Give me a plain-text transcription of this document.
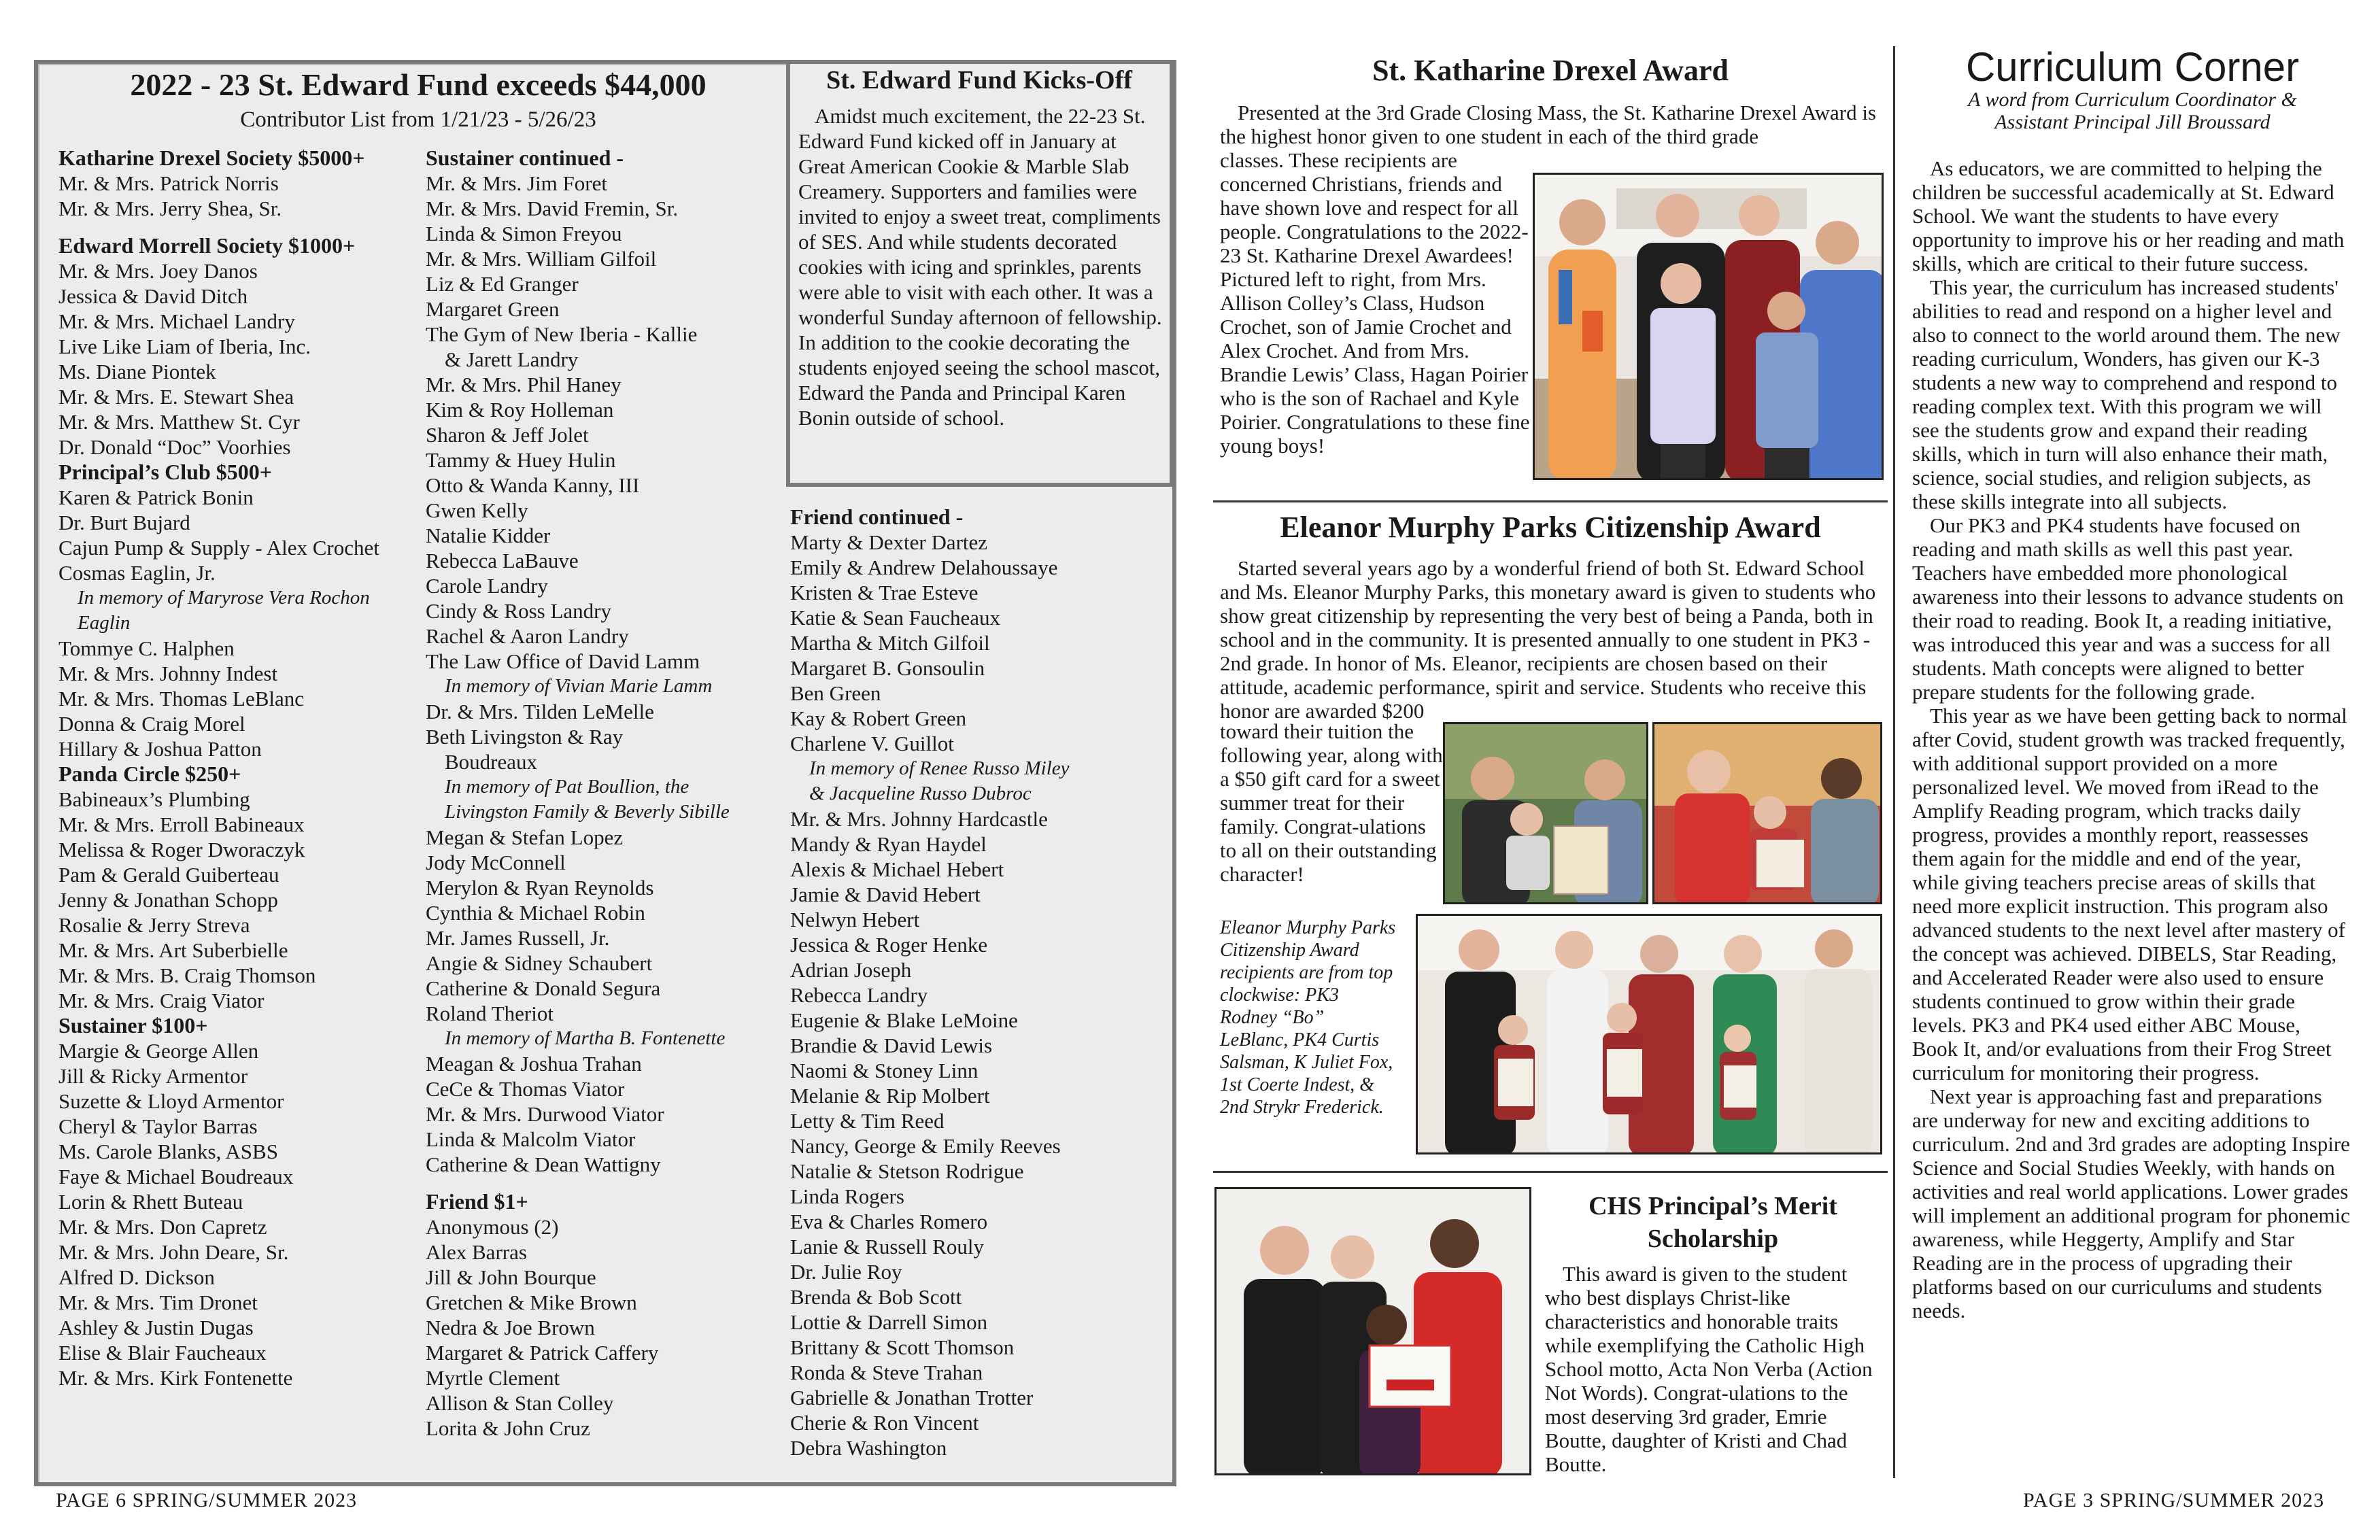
2022 - 23 St. Edward Fund exceeds $44,000
Contributor List from 1/21/23 - 5/26/23
Katharine Drexel Society $5000+
Mr. & Mrs. Patrick Norris
Mr. & Mrs. Jerry Shea, Sr.
Edward Morrell Society $1000+
Mr. & Mrs. Joey Danos
Jessica & David Ditch
Mr. & Mrs. Michael Landry
Live Like Liam of Iberia, Inc.
Ms. Diane Piontek
Mr. & Mrs. E. Stewart Shea
Mr. & Mrs. Matthew St. Cyr
Dr. Donald “Doc” Voorhies
Principal’s Club $500+
Karen & Patrick Bonin
Dr. Burt Bujard
Cajun Pump & Supply - Alex Crochet
Cosmas Eaglin, Jr.
In memory of Maryrose Vera Rochon
Eaglin
Tommye C. Halphen
Mr. & Mrs. Johnny Indest
Mr. & Mrs. Thomas LeBlanc
Donna & Craig Morel
Hillary & Joshua Patton
Panda Circle $250+
Babineaux’s Plumbing
Mr. & Mrs. Erroll Babineaux
Melissa & Roger Dworaczyk
Pam & Gerald Guiberteau
Jenny & Jonathan Schopp
Rosalie & Jerry Streva
Mr. & Mrs. Art Suberbielle
Mr. & Mrs. B. Craig Thomson
Mr. & Mrs. Craig Viator
Sustainer $100+
Margie & George Allen
Jill & Ricky Armentor
Suzette & Lloyd Armentor
Cheryl & Taylor Barras
Ms. Carole Blanks, ASBS
Faye & Michael Boudreaux
Lorin & Rhett Buteau
Mr. & Mrs. Don Capretz
Mr. & Mrs. John Deare, Sr.
Alfred D. Dickson
Mr. & Mrs. Tim Dronet
Ashley & Justin Dugas
Elise & Blair Faucheaux
Mr. & Mrs. Kirk Fontenette
Sustainer continued -
Mr. & Mrs. Jim Foret
Mr. & Mrs. David Fremin, Sr.
Linda & Simon Freyou
Mr. & Mrs. William Gilfoil
Liz & Ed Granger
Margaret Green
The Gym of New Iberia - Kallie
& Jarett Landry
Mr. & Mrs. Phil Haney
Kim & Roy Holleman
Sharon & Jeff Jolet
Tammy & Huey Hulin
Otto & Wanda Kanny, III
Gwen Kelly
Natalie Kidder
Rebecca LaBauve
Carole Landry
Cindy & Ross Landry
Rachel & Aaron Landry
The Law Office of David Lamm
In memory of Vivian Marie Lamm
Dr. & Mrs. Tilden LeMelle
Beth Livingston & Ray
Boudreaux
In memory of Pat Boullion, the
Livingston Family & Beverly Sibille
Megan & Stefan Lopez
Jody McConnell
Merylon & Ryan Reynolds
Cynthia & Michael Robin
Mr. James Russell, Jr.
Angie & Sidney Schaubert
Catherine & Donald Segura
Roland Theriot
In memory of Martha B. Fontenette
Meagan & Joshua Trahan
CeCe & Thomas Viator
Mr. & Mrs. Durwood Viator
Linda & Malcolm Viator
Catherine & Dean Wattigny
Friend $1+
Anonymous (2)
Alex Barras
Jill & John Bourque
Gretchen & Mike Brown
Nedra & Joe Brown
Margaret & Patrick Caffery
Myrtle Clement
Allison & Stan Colley
Lorita & John Cruz
Friend continued -
Marty & Dexter Dartez
Emily & Andrew Delahoussaye
Kristen & Trae Esteve
Katie & Sean Faucheaux
Martha & Mitch Gilfoil
Margaret B. Gonsoulin
Ben Green
Kay & Robert Green
Charlene V. Guillot
In memory of Renee Russo Miley
& Jacqueline Russo Dubroc
Mr. & Mrs. Johnny Hardcastle
Mandy & Ryan Haydel
Alexis & Michael Hebert
Jamie & David Hebert
Nelwyn Hebert
Jessica & Roger Henke
Adrian Joseph
Rebecca Landry
Eugenie & Blake LeMoine
Brandie & David Lewis
Naomi & Stoney Linn
Melanie & Rip Molbert
Letty & Tim Reed
Nancy, George & Emily Reeves
Natalie & Stetson Rodrigue
Linda Rogers
Eva & Charles Romero
Lanie & Russell Rouly
Dr. Julie Roy
Brenda & Bob Scott
Lottie & Darrell Simon
Brittany & Scott Thomson
Ronda & Steve Trahan
Gabrielle & Jonathan Trotter
Cherie & Ron Vincent
Debra Washington
St. Edward Fund Kicks-Off
Amidst much excitement, the 22-23 St. Edward Fund kicked off in January at Great American Cookie & Marble Slab Creamery. Supporters and families were invited to enjoy a sweet treat, compliments of SES. And while students decorated cookies with icing and sprinkles, parents were able to visit with each other. It was a wonderful Sunday afternoon of fellowship. In addition to the cookie decorating the students enjoyed seeing the school mascot, Edward the Panda and Principal Karen Bonin outside of school.
PAGE 6 SPRING/SUMMER 2023
St. Katharine Drexel Award
Presented at the 3rd Grade Closing Mass, the St. Katharine Drexel Award is the highest honor given to one student in each of the third grade
classes. These recipients are concerned Christians, friends and have shown love and respect for all people. Congratulations to the 2022-23 St. Katharine Drexel Awardees! Pictured left to right, from Mrs. Allison Colley’s Class, Hudson Crochet, son of Jamie Crochet and Alex Crochet. And from Mrs. Brandie Lewis’ Class, Hagan Poirier who is the son of Rachael and Kyle Poirier. Congratulations to these fine young boys!
Eleanor Murphy Parks Citizenship Award
Started several years ago by a wonderful friend of both St. Edward School and Ms. Eleanor Murphy Parks, this monetary award is given to students who show great citizenship by representing the very best of being a Panda, both in school and in the community. It is presented annually to one student in PK3 - 2nd grade. In honor of Ms. Eleanor, recipients are chosen based on their attitude, academic performance, spirit and service. Students who receive this honor are awarded $200
toward their tuition the following year, along with a $50 gift card for a sweet summer treat for their family. Congrat-ulations to all on their outstanding character!
Eleanor Murphy Parks Citizenship Award recipients are from top clockwise: PK3 Rodney “Bo” LeBlanc, PK4 Curtis Salsman, K Juliet Fox, 1st Coerte Indest, & 2nd Strykr Frederick.
CHS Principal’s Merit Scholarship
This award is given to the student who best displays Christ-like characteristics and honorable traits while exemplifying the Catholic High School motto, Acta Non Verba (Action Not Words). Congrat-ulations to the most deserving 3rd grader, Emrie Boutte, daughter of Kristi and Chad Boutte.
Curriculum Corner
A word from Curriculum Coordinator &
Assistant Principal Jill Broussard

As educators, we are committed to helping the children be successful academically at St. Edward School. We want the students to have every opportunity to improve his or her reading and math skills, which are critical to their future success.

This year, the curriculum has increased students' abilities to read and respond on a higher level and also to connect to the world around them. The new reading curriculum, Wonders, has given our K-3 students a new way to comprehend and respond to reading complex text. With this program we will see the students grow and expand their reading skills, which in turn will also enhance their math, science, social studies, and religion subjects, as these skills integrate into all subjects.

Our PK3 and PK4 students have focused on reading and math skills as well this past year. Teachers have embedded more phonological awareness into their lessons to advance students on their road to reading. Book It, a reading initiative, was introduced this year and was a success for all students. Math concepts were aligned to better prepare students for the following grade.

This year as we have been getting back to normal after Covid, student growth was tracked frequently, with additional support provided on a more personalized level. We moved from iRead to the Amplify Reading program, which tracks daily progress, provides a monthly report, reassesses them again for the middle and end of the year, while giving teachers precise areas of skills that need more explicit instruction. This program also advanced students to the next level after mastery of the concept was achieved. DIBELS, Star Reading, and Accelerated Reader were also used to ensure students continued to grow within their grade levels. PK3 and PK4 used either ABC Mouse, Book It, and/or evaluations from their Frog Street curriculum for monitoring their progress.

Next year is approaching fast and preparations are underway for new and exciting additions to curriculum. 2nd and 3rd grades are adopting Inspire Science and Social Studies Weekly, with hands on activities and real world applications. Lower grades will implement an additional program for phonemic awareness, while Heggerty, Amplify and Star Reading are in the process of upgrading their platforms based on our curriculums and students needs.

PAGE 3 SPRING/SUMMER 2023
